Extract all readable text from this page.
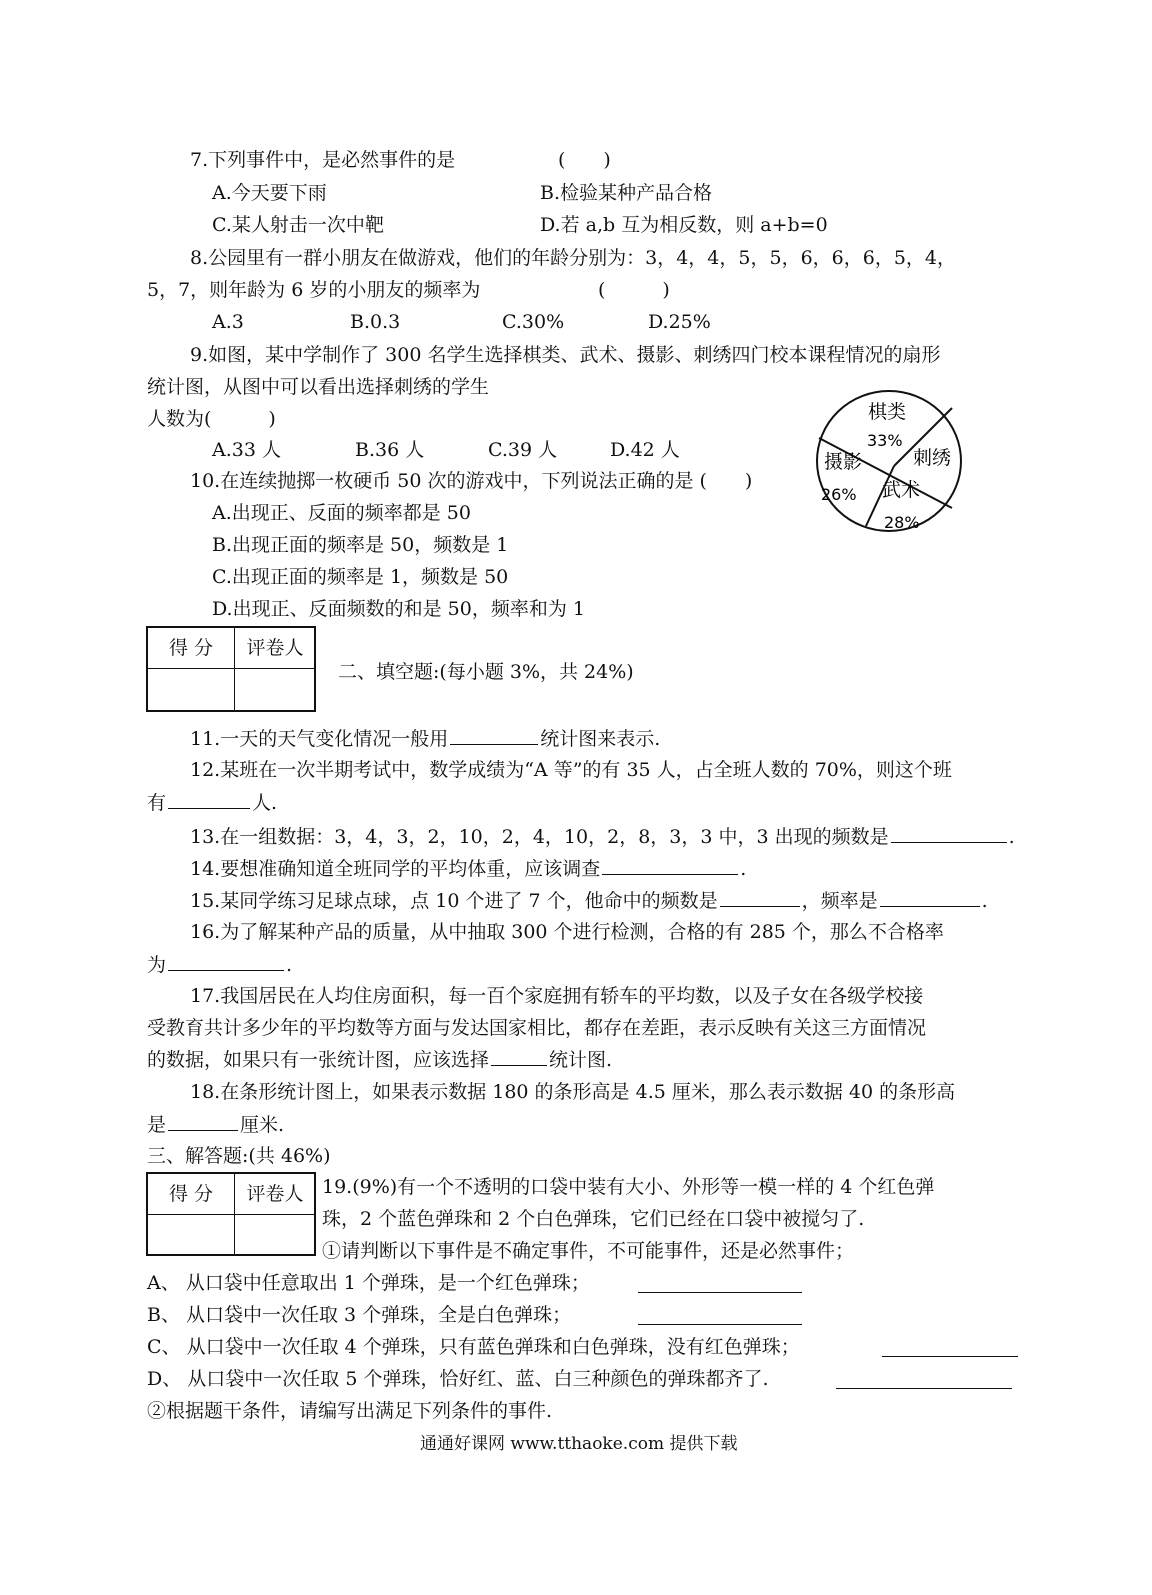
7.下列事件中，是必然事件的是	(　　)
A.今天要下雨	B.检验某种产品合格
C.某人射击一次中靶	D.若 a,b 互为相反数，则 a+b=0
8.公园里有一群小朋友在做游戏，他们的年龄分别为：3，4，4，5，5，6，6，6，5，4，
5，7，则年龄为 6 岁的小朋友的频率为	(　　　)
A.3	B.0.3	C.30%	D.25%
9.如图，某中学制作了 300 名学生选择棋类、武术、摄影、刺绣四门校本课程情况的扇形
统计图，从图中可以看出选择刺绣的学生
人数为(　　　)
A.33 人	B.36 人	C.39 人	D.42 人
棋类
33%
刺绣
摄影
26% 武术
28%
10.在连续抛掷一枚硬币 50 次的游戏中，下列说法正确的是 (　　)
A.出现正、反面的频率都是 50
B.出现正面的频率是 50，频数是 1
C.出现正面的频率是 1，频数是 50
D.出现正、反面频数的和是 50，频率和为 1
得 分	评卷人
二、填空题:(每小题 3%，共 24%)
11.一天的天气变化情况一般用	统计图来表示.
12.某班在一次半期考试中，数学成绩为“A 等”的有 35 人，占全班人数的 70%，则这个班
有	人.
13.在一组数据：3，4，3，2，10，2，4，10，2，8，3，3 中，3 出现的频数是	.
14.要想准确知道全班同学的平均体重，应该调查	.
15.某同学练习足球点球，点 10 个进了 7 个，他命中的频数是	，频率是	.
16.为了解某种产品的质量，从中抽取 300 个进行检测，合格的有 285 个，那么不合格率
为	.
17.我国居民在人均住房面积，每一百个家庭拥有轿车的平均数，以及子女在各级学校接
受教育共计多少年的平均数等方面与发达国家相比，都存在差距，表示反映有关这三方面情况
的数据，如果只有一张统计图，应该选择	统计图.
18.在条形统计图上，如果表示数据 180 的条形高是 4.5 厘米，那么表示数据 40 的条形高
是	厘米.
三、解答题:(共 46%)
得 分	评卷人 19.(9%)有一个不透明的口袋中装有大小、外形等一模一样的 4 个红色弹
珠，2 个蓝色弹珠和 2 个白色弹珠，它们已经在口袋中被搅匀了.
①请判断以下事件是不确定事件，不可能事件，还是必然事件；
A、 从口袋中任意取出 1 个弹珠，是一个红色弹珠；
B、 从口袋中一次任取 3 个弹珠，全是白色弹珠；
C、 从口袋中一次任取 4 个弹珠，只有蓝色弹珠和白色弹珠，没有红色弹珠；
D、 从口袋中一次任取 5 个弹珠，恰好红、蓝、白三种颜色的弹珠都齐了.
②根据题干条件，请编写出满足下列条件的事件.
通通好课网 www.tthaoke.com 提供下载
